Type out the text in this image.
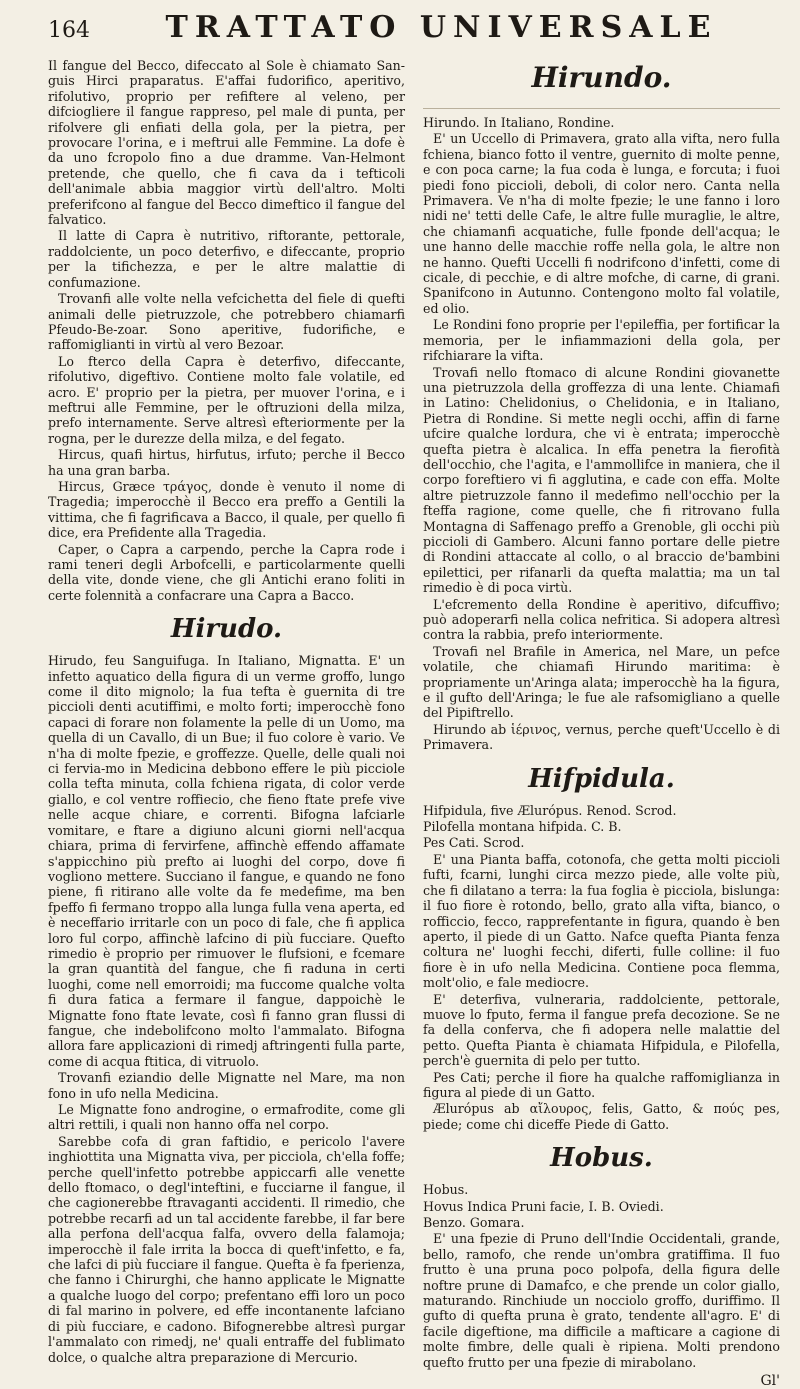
164	TRATTATO UNIVERSALE

Il fangue del Becco, difeccato al Sole è chiamato San-guis Hirci praparatus. E'affai fudorifico, aperitivo, rifolutivo, proprio per refiftere al veleno, per difciogliere il fangue rappreso, pel male di punta, per rifolvere gli enfiati della gola, per la pietra, per provocare l'orina, e i meftrui alle Femmine. La dofe è da uno fcropolo fino a due dramme. Van-Helmont pretende, che quello, che fi cava da i tefticoli dell'animale abbia maggior virtù dell'altro. Molti preferifcono al fangue del Becco dimeftico il fangue del falvatico.

Il latte di Capra è nutritivo, riftorante, pettorale, raddolciente, un poco deterfivo, e difeccante, proprio per la tifichezza, e per le altre malattie di confumazione.

Trovanfi alle volte nella vefcichetta del fiele di quefti animali delle pietruzzole, che potrebbero chiamarfi Pfeudo-Be-zoar. Sono aperitive, fudorifiche, e raffomiglianti in virtù al vero Bezoar.

Lo fterco della Capra è deterfivo, difeccante, rifolutivo, digeftivo. Contiene molto fale volatile, ed acro. E' proprio per la pietra, per muover l'orina, e i meftrui alle Femmine, per le oftruzioni della milza, prefo internamente. Serve altresì efteriormente per la rogna, per le durezze della milza, e del fegato.

Hircus, quafi hirtus, hirfutus, irfuto; perche il Becco ha una gran barba.

Hircus, Græce τράγος, donde è venuto il nome di Tragedia; imperocchè il Becco era preffo a Gentili la vittima, che fi fagrificava a Bacco, il quale, per quello fi dice, era Prefidente alla Tragedia.

Caper, o Capra a carpendo, perche la Capra rode i rami teneri degli Arbofcelli, e particolarmente quelli della vite, donde viene, che gli Antichi erano foliti in certe folennità a confacrare una Capra a Bacco.

Hirudo.

Hirudo, feu Sanguifuga. In Italiano, Mignatta. E' un infetto aquatico della figura di un verme groffo, lungo come il dito mignolo; la fua tefta è guernita di tre piccioli denti acutiffimi, e molto forti; imperocchè fono capaci di forare non folamente la pelle di un Uomo, ma quella di un Cavallo, di un Bue; il fuo colore è vario. Ve n'ha di molte fpezie, e groffezze. Quelle, delle quali noi ci fervia-mo in Medicina debbono effere le più picciole colla tefta minuta, colla fchiena rigata, di color verde giallo, e col ventre roffiecio, che fieno ftate prefe vive nelle acque chiare, e correnti. Bifogna lafciarle vomitare, e ftare a digiuno alcuni giorni nell'acqua chiara, prima di fervirfene, affinchè effendo affamate s'appicchino più prefto ai luoghi del corpo, dove fi vogliono mettere. Succiano il fangue, e quando ne fono piene, fi ritirano alle volte da fe medefime, ma ben fpeffo fi fermano troppo alla lunga fulla vena aperta, ed è neceffario irritarle con un poco di fale, che fi applica loro ful corpo, affinchè lafcino di più fucciare. Quefto rimedio è proprio per rimuover le flufsioni, e fcemare la gran quantità del fangue, che fi raduna in certi luoghi, come nell emorroidi; ma fuccome qualche volta fi dura fatica a fermare il fangue, dappoichè le Mignatte fono ftate levate, così fi fanno gran flussi di fangue, che indebolifcono molto l'ammalato. Bifogna allora fare applicazioni di rimedj aftringenti fulla parte, come di acqua ftitica, di vitruolo.

Trovanfi eziandio delle Mignatte nel Mare, ma non fono in ufo nella Medicina.

Le Mignatte fono androgine, o ermafrodite, come gli altri rettili, i quali non hanno offa nel corpo.

Sarebbe cofa di gran faftidio, e pericolo l'avere inghiottita una Mignatta viva, per picciola, ch'ella foffe; perche quell'infetto potrebbe appiccarfi alle venette dello ftomaco, o degl'inteftini, e fucciarne il fangue, il che cagionerebbe ftravaganti accidenti. Il rimedio, che potrebbe recarfi ad un tal accidente farebbe, il far bere alla perfona dell'acqua falfa, ovvero della falamoja; imperocchè il fale irrita la bocca di queft'infetto, e fa, che lafci di più fucciare il fangue. Quefta è fa fperienza, che fanno i Chirurghi, che hanno applicate le Mignatte a qualche luogo del corpo; prefentano effi loro un poco di fal marino in polvere, ed effe incontanente lafciano di più fucciare, e cadono. Bifognerebbe altresì purgar l'ammalato con rimedj, ne' quali entraffe del fublimato dolce, o qualche altra preparazione di Mercurio.

Hirundo.

Hirundo. In Italiano, Rondine.

E' un Uccello di Primavera, grato alla vifta, nero fulla fchiena, bianco fotto il ventre, guernito di molte penne, e con poca carne; la fua coda è lunga, e forcuta; i fuoi piedi fono piccioli, deboli, di color nero. Canta nella Primavera. Ve n'ha di molte fpezie; le une fanno i loro nidi ne' tetti delle Cafe, le altre fulle muraglie, le altre, che chiamanfi acquatiche, fulle fponde dell'acqua; le une hanno delle macchie roffe nella gola, le altre non ne hanno. Quefti Uccelli fi nodrifcono d'infetti, come di cicale, di pecchie, e di altre mofche, di carne, di grani. Spanifcono in Autunno. Contengono molto fal volatile, ed olio.

Le Rondini fono proprie per l'epileffia, per fortificar la memoria, per le infiammazioni della gola, per rifchiarare la vifta.

Trovafi nello ftomaco di alcune Rondini giovanette una pietruzzola della groffezza di una lente. Chiamafi in Latino: Chelidonius, o Chelidonia, e in Italiano, Pietra di Rondine. Si mette negli occhi, affin di farne ufcire qualche lordura, che vi è entrata; imperocchè quefta pietra è alcalica. In effa penetra la fierofità dell'occhio, che l'agita, e l'ammollifce in maniera, che il corpo foreftiero vi fi agglutina, e cade con effa. Molte altre pietruzzole fanno il medefimo nell'occhio per la fteffa ragione, come quelle, che fi ritrovano fulla Montagna di Saffenago preffo a Grenoble, gli occhi più piccioli di Gambero. Alcuni fanno portare delle pietre di Rondini attaccate al collo, o al braccio de'bambini epilettici, per rifanarli da quefta malattia; ma un tal rimedio è di poca virtù.

L'efcremento della Rondine è aperitivo, difcuffivo; può adoperarfi nella colica nefritica. Si adopera altresì contra la rabbia, prefo interiormente.

Trovafi nel Brafile in America, nel Mare, un pefce volatile, che chiamafi Hirundo maritima: è propriamente un'Aringa alata; imperocchè ha la figura, e il gufto dell'Aringa; le fue ale rafsomigliano a quelle del Pipiftrello.

Hirundo ab ἱέρινος, vernus, perche queft'Uccello è di Primavera.

Hifpidula.

Hifpidula, five Ælurópus. Renod. Scrod.

Pilofella montana hifpida. C. B.

Pes Cati. Scrod.

E' una Pianta baffa, cotonofa, che getta molti piccioli fufti, fcarni, lunghi circa mezzo piede, alle volte più, che fi dilatano a terra: la fua foglia è picciola, bislunga: il fuo fiore è rotondo, bello, grato alla vifta, bianco, o rofficcio, fecco, rapprefentante in figura, quando è ben aperto, il piede di un Gatto. Nafce quefta Pianta fenza coltura ne' luoghi fecchi, diferti, fulle colline: il fuo fiore è in ufo nella Medicina. Contiene poca flemma, molt'olio, e fale mediocre.

E' deterfiva, vulneraria, raddolciente, pettorale, muove lo fputo, ferma il fangue prefa decozione. Se ne fa della conferva, che fi adopera nelle malattie del petto. Quefta Pianta è chiamata Hifpidula, e Pilofella, perch'è guernita di pelo per tutto.

Pes Cati; perche il fiore ha qualche raffomiglianza in figura al piede di un Gatto.

Ælurópus ab αἴλουρος, felis, Gatto, & πούς pes, piede; come chi diceffe Piede di Gatto.

Hobus.

Hobus.

Hovus Indica Pruni facie, I. B. Oviedi.

Benzo. Gomara.

E' una fpezie di Pruno dell'Indie Occidentali, grande, bello, ramofo, che rende un'ombra gratiffima. Il fuo frutto è una pruna poco polpofa, della figura delle noftre prune di Damafco, e che prende un color giallo, maturando. Rinchiude un nocciolo groffo, duriffimo. Il gufto di quefta pruna è grato, tendente all'agro. E' di facile digeftione, ma difficile a mafticare a cagione di molte fimbre, delle quali è ripiena. Molti prendono quefto frutto per una fpezie di mirabolano.

Gl'
